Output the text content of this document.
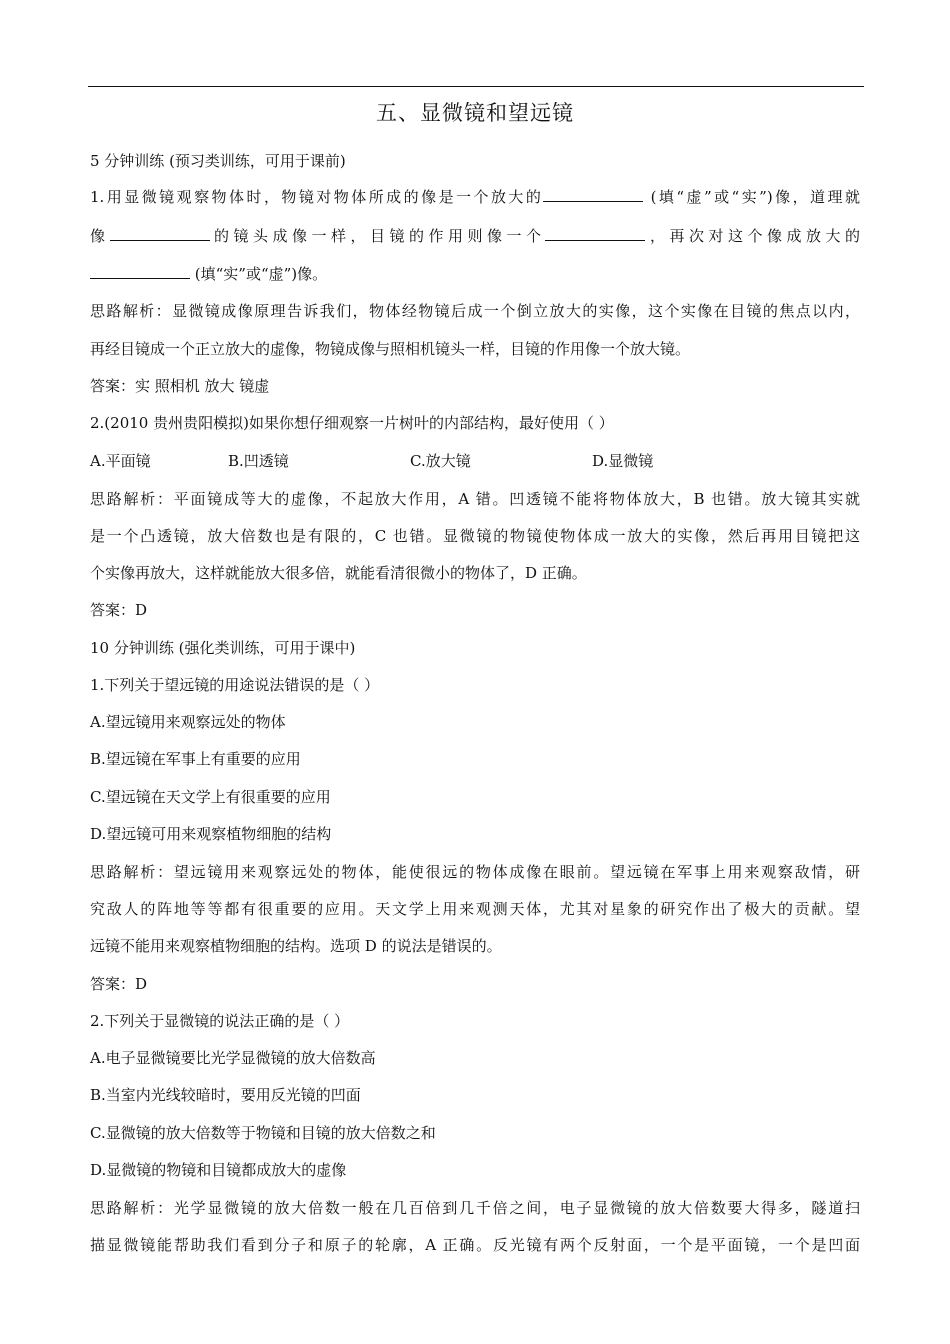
五、显微镜和望远镜
5 分钟训练 (预习类训练，可用于课前)
1.用显微镜观察物体时，物镜对物体所成的像是一个放大的	(填“虚”或“实”)像，道理就
像	的镜头成像一样，目镜的作用则像一个	，再次对这个像成放大的
(填“实”或“虚”)像。
思路解析：显微镜成像原理告诉我们，物体经物镜后成一个倒立放大的实像，这个实像在目镜的焦点以内，
再经目镜成一个正立放大的虚像，物镜成像与照相机镜头一样，目镜的作用像一个放大镜。
答案：实 照相机 放大 镜虚
2.(2010 贵州贵阳模拟)如果你想仔细观察一片树叶的内部结构，最好使用（ ）
A.平面镜	B.凹透镜	C.放大镜	D.显微镜
思路解析：平面镜成等大的虚像，不起放大作用，A 错。凹透镜不能将物体放大，B 也错。放大镜其实就
是一个凸透镜，放大倍数也是有限的，C 也错。显微镜的物镜使物体成一放大的实像，然后再用目镜把这
个实像再放大，这样就能放大很多倍，就能看清很微小的物体了，D 正确。
答案：D
10 分钟训练 (强化类训练，可用于课中)
1.下列关于望远镜的用途说法错误的是（ ）
A.望远镜用来观察远处的物体
B.望远镜在军事上有重要的应用
C.望远镜在天文学上有很重要的应用
D.望远镜可用来观察植物细胞的结构
思路解析：望远镜用来观察远处的物体，能使很远的物体成像在眼前。望远镜在军事上用来观察敌情，研
究敌人的阵地等等都有很重要的应用。天文学上用来观测天体，尤其对星象的研究作出了极大的贡献。望
远镜不能用来观察植物细胞的结构。选项 D 的说法是错误的。
答案：D
2.下列关于显微镜的说法正确的是（ ）
A.电子显微镜要比光学显微镜的放大倍数高
B.当室内光线较暗时，要用反光镜的凹面
C.显微镜的放大倍数等于物镜和目镜的放大倍数之和
D.显微镜的物镜和目镜都成放大的虚像
思路解析：光学显微镜的放大倍数一般在几百倍到几千倍之间，电子显微镜的放大倍数要大得多，隧道扫
描显微镜能帮助我们看到分子和原子的轮廓，A 正确。反光镜有两个反射面，一个是平面镜，一个是凹面
